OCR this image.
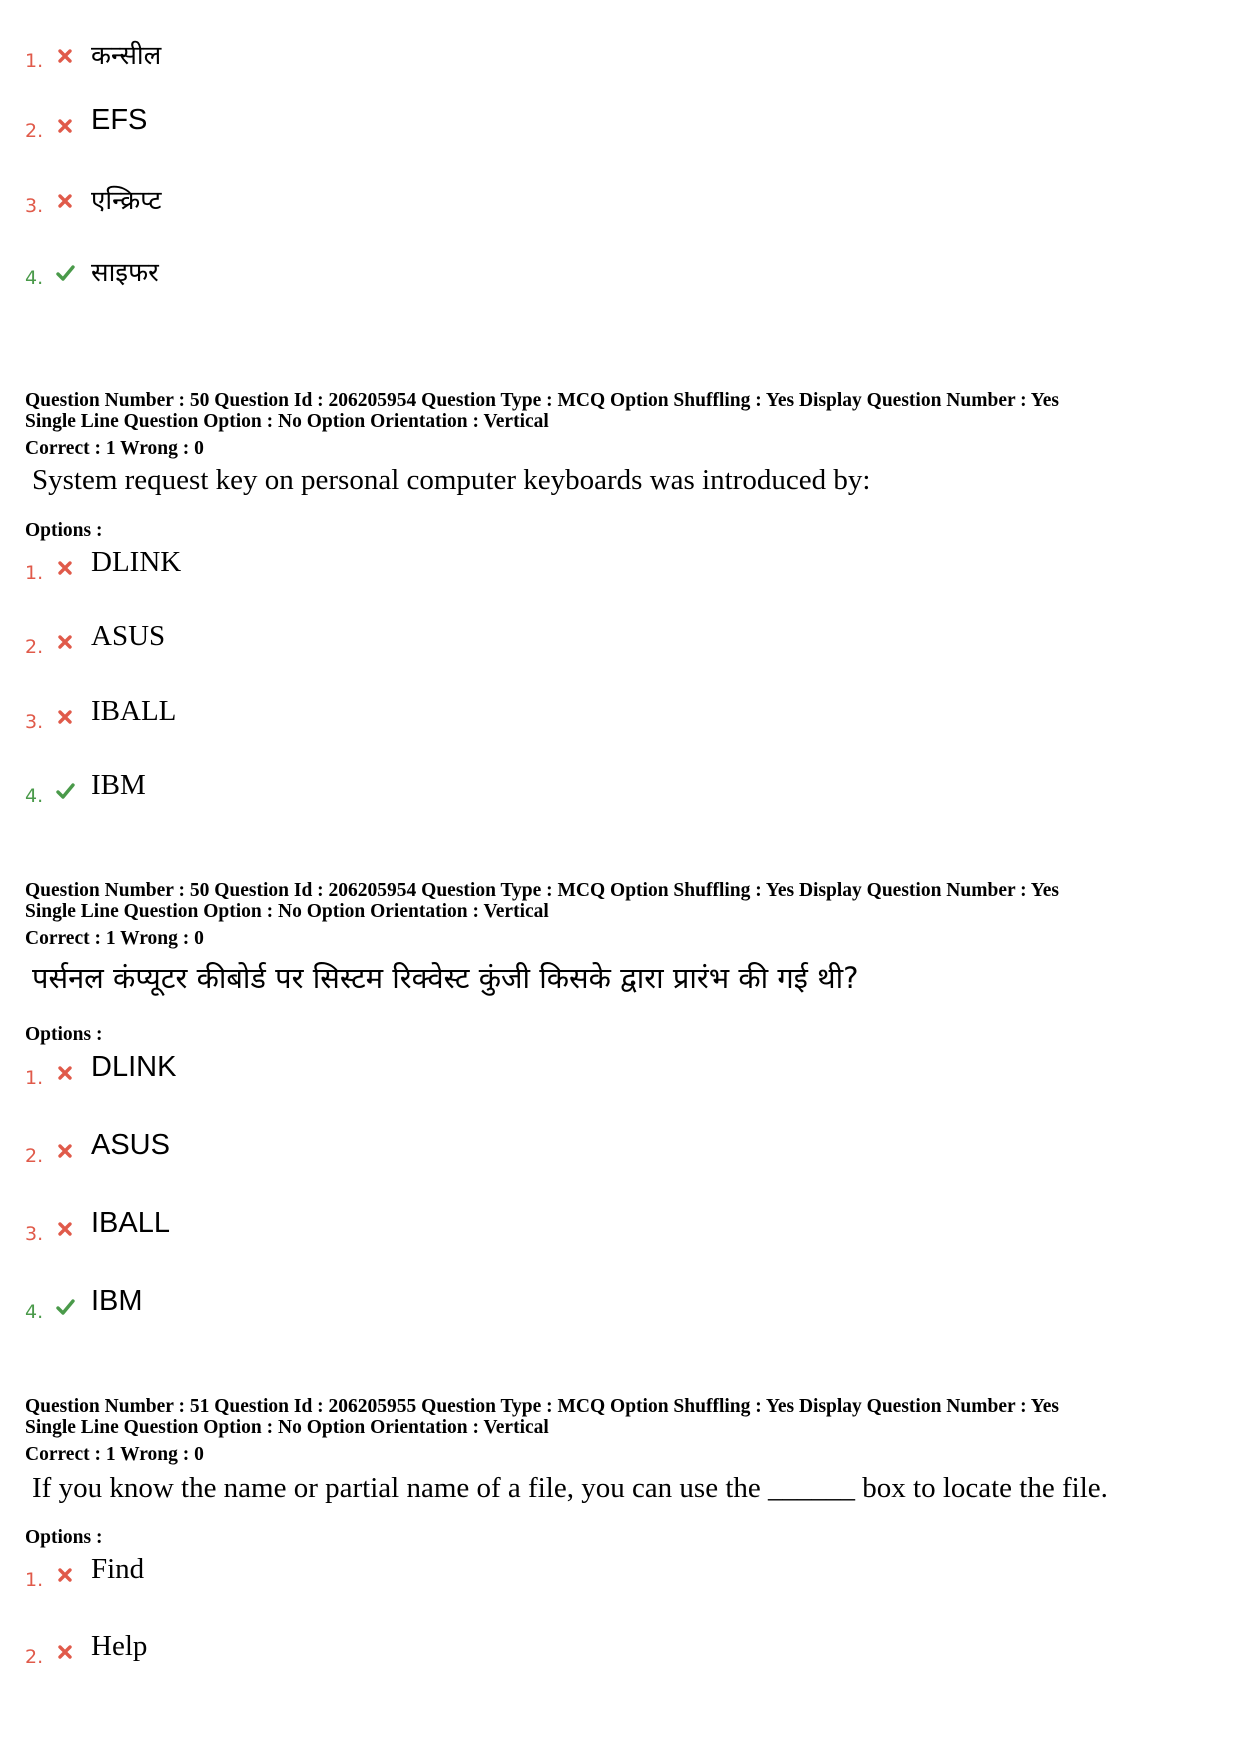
1. कन्सील
2. EFS
3. एन्क्रिप्ट
4. साइफर
Question Number : 50 Question Id : 206205954 Question Type : MCQ Option Shuffling : Yes Display Question Number : Yes
Single Line Question Option : No Option Orientation : Vertical
Correct : 1 Wrong : 0
System request key on personal computer keyboards was introduced by:
Options :
1. DLINK
2. ASUS
3. IBALL
4. IBM
Question Number : 50 Question Id : 206205954 Question Type : MCQ Option Shuffling : Yes Display Question Number : Yes
Single Line Question Option : No Option Orientation : Vertical
Correct : 1 Wrong : 0
पर्सनल कंप्यूटर कीबोर्ड पर सिस्टम रिक्वेस्ट कुंजी किसके द्वारा प्रारंभ की गई थी?
Options :
1. DLINK
2. ASUS
3. IBALL
4. IBM
Question Number : 51 Question Id : 206205955 Question Type : MCQ Option Shuffling : Yes Display Question Number : Yes
Single Line Question Option : No Option Orientation : Vertical
Correct : 1 Wrong : 0
If you know the name or partial name of a file, you can use the ______ box to locate the file.
Options :
1. Find
2. Help
